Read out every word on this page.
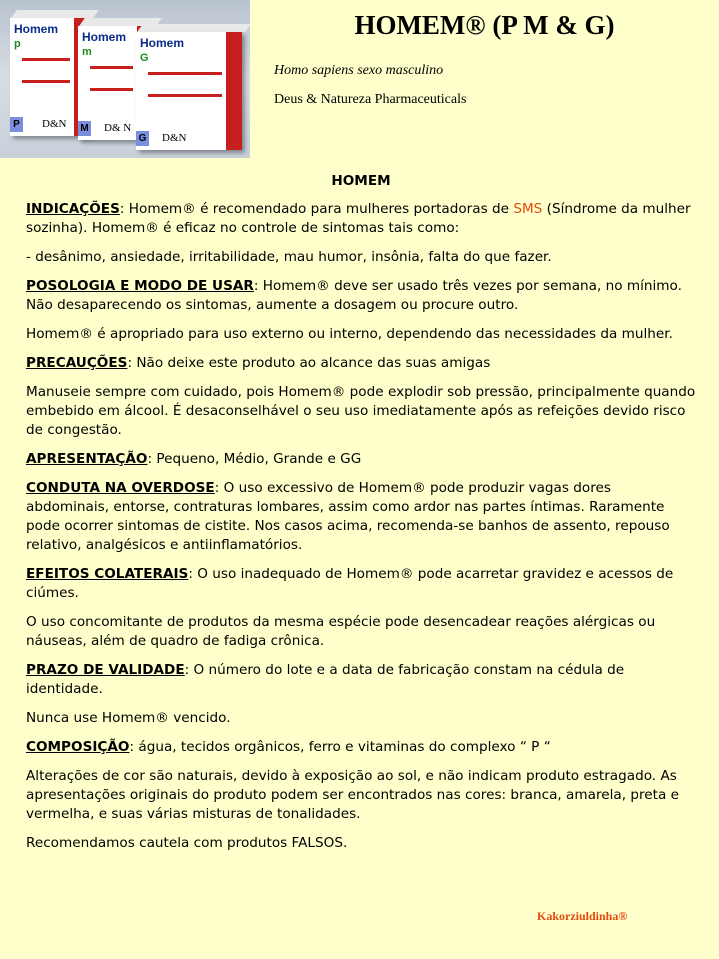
Homem
p
D&N
P
Homem
m
D& N
M
Homem
G
D&N
G
HOMEM® (P M & G)
Homo sapiens sexo masculino
Deus & Natureza Pharmaceuticals
HOMEM

INDICAÇÕES: Homem® é recomendado para mulheres portadoras de SMS (Síndrome da mulher sozinha). Homem® é eficaz no controle de sintomas tais como:

- desânimo, ansiedade, irritabilidade, mau humor, insônia, falta do que fazer.

POSOLOGIA E MODO DE USAR: Homem® deve ser usado três vezes por semana, no mínimo. Não desaparecendo os sintomas, aumente a dosagem ou procure outro.

Homem® é apropriado para uso externo ou interno, dependendo das necessidades da mulher.

PRECAUÇÕES: Não deixe este produto ao alcance das suas amigas

Manuseie sempre com cuidado, pois Homem® pode explodir sob pressão, principalmente quando embebido em álcool. É desaconselhável o seu uso imediatamente após as refeições devido risco de congestão.

APRESENTAÇÃO: Pequeno, Médio, Grande e GG

CONDUTA NA OVERDOSE: O uso excessivo de Homem® pode produzir vagas dores abdominais, entorse, contraturas lombares, assim como ardor nas partes íntimas. Raramente pode ocorrer sintomas de cistite. Nos casos acima, recomenda-se banhos de assento, repouso relativo, analgésicos e antiinflamatórios.

EFEITOS COLATERAIS: O uso inadequado de Homem® pode acarretar gravidez e acessos de ciúmes.

O uso concomitante de produtos da mesma espécie pode desencadear reações alérgicas ou náuseas, além de quadro de fadiga crônica.

PRAZO DE VALIDADE: O número do lote e a data de fabricação constam na cédula de identidade.

Nunca use Homem® vencido.

COMPOSIÇÃO: água, tecidos orgânicos, ferro e vitaminas do complexo “ P “

Alterações de cor são naturais, devido à exposição ao sol, e não indicam produto estragado. As apresentações originais do produto podem ser encontrados nas cores: branca, amarela, preta e vermelha, e suas várias misturas de tonalidades.

Recomendamos cautela com produtos FALSOS.

Kakorziuldinha®
